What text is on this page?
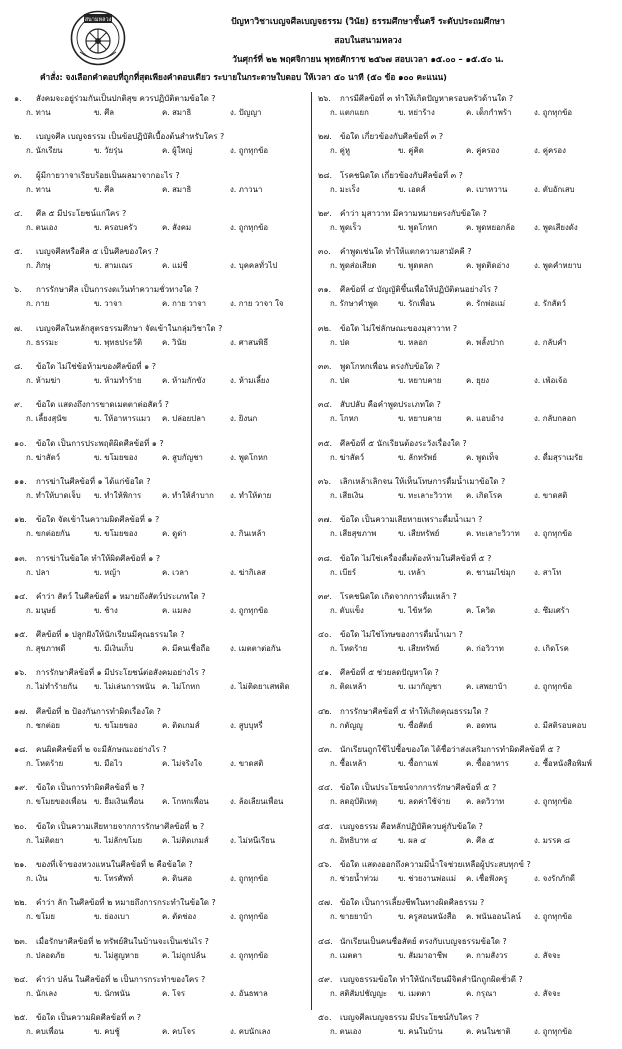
สนามหลวง	ปัญหาวิชาเบญจศีลเบญจธรรม (วินัย) ธรรมศึกษาชั้นตรี ระดับประถมศึกษา
สอบในสนามหลวง
วันศุกร์ที่ ๒๒ พฤศจิกายน พุทธศักราช ๒๕๖๗ สอบเวลา ๑๕.๐๐ – ๑๕.๕๐ น.
คำสั่ง: จงเลือกคำตอบที่ถูกที่สุดเพียงคำตอบเดียว ระบายในกระดาษใบตอบ ให้เวลา ๕๐ นาที (๕๐ ข้อ ๑๐๐ คะแนน)
๑. สังคมจะอยู่ร่วมกันเป็นปกติสุข ควรปฏิบัติตามข้อใด ?
ก. ทาน	ข. ศีล	ค. สมาธิ	ง. ปัญญา
๒. เบญจศีล เบญจธรรม เป็นข้อปฏิบัติเบื้องต้นสำหรับใคร ?
ก. นักเรียน	ข. วัยรุ่น	ค. ผู้ใหญ่	ง. ถูกทุกข้อ
๓. ผู้มีกายวาจาเรียบร้อยเป็นผลมาจากอะไร ?
ก. ทาน	ข. ศีล	ค. สมาธิ	ง. ภาวนา
๔. ศีล ๕ มีประโยชน์แก่ใคร ?
ก. ตนเอง	ข. ครอบครัว	ค. สังคม	ง. ถูกทุกข้อ
๕. เบญจศีลหรือศีล ๕ เป็นศีลของใคร ?
ก. ภิกษุ	ข. สามเณร	ค. แม่ชี	ง. บุคคลทั่วไป
๖. การรักษาศีล เป็นการงดเว้นทำความชั่วทางใด ?
ก. กาย	ข. วาจา	ค. กาย วาจา	ง. กาย วาจา ใจ
๗. เบญจศีลในหลักสูตรธรรมศึกษา จัดเข้าในกลุ่มวิชาใด ?
ก. ธรรมะ	ข. พุทธประวัติ	ค. วินัย	ง. ศาสนพิธี
๘. ข้อใด ไม่ใช่ข้อห้ามของศีลข้อที่ ๑ ?
ก. ห้ามฆ่า	ข. ห้ามทำร้าย	ค. ห้ามกักขัง	ง. ห้ามเลี้ยง
๙. ข้อใด แสดงถึงการขาดเมตตาต่อสัตว์ ?
ก. เลี้ยงสุนัข	ข. ให้อาหารแมว	ค. ปล่อยปลา	ง. ยิงนก
๑๐. ข้อใด เป็นการประพฤติผิดศีลข้อที่ ๑ ?
ก. ฆ่าสัตว์	ข. ขโมยของ	ค. สูบกัญชา	ง. พูดโกหก
๑๑. การฆ่าในศีลข้อที่ ๑ ได้แก่ข้อใด ?
ก. ทำให้บาดเจ็บ	ข. ทำให้พิการ	ค. ทำให้ลำบาก	ง. ทำให้ตาย
๑๒. ข้อใด จัดเข้าในความผิดศีลข้อที่ ๑ ?
ก. ขกต่อยกัน	ข. ขโมยของ	ค. ดูด่า	ง. กินเหล้า
๑๓. การฆ่าในข้อใด ทำให้ผิดศีลข้อที่ ๑ ?
ก. ปลา	ข. หญ้า	ค. เวลา	ง. ฆ่ากิเลส
๑๔. คำว่า สัตว์ ในศีลข้อที่ ๑ หมายถึงสัตว์ประเภทใด ?
ก. มนุษย์	ข. ช้าง	ค. แมลง	ง. ถูกทุกข้อ
๑๕. ศีลข้อที่ ๑ ปลูกฝังให้นักเรียนมีคุณธรรมใด ?
ก. สุขภาพดี	ข. มีเงินเก็บ	ค. มีคนเชื่อถือ	ง. เมตตาต่อกัน
๑๖. การรักษาศีลข้อที่ ๑ มีประโยชน์ต่อสังคมอย่างไร ?
ก. ไม่ทำร้ายกัน	ข. ไม่เล่นการพนัน ค. ไม่โกหก	ง. ไม่ติดยาเสพติด
๑๗. ศีลข้อที่ ๒ ป้องกันการทำผิดเรื่องใด ?
ก. ชกต่อย	ข. ขโมยของ	ค. ติดเกมส์	ง. สูบบุหรี่
๑๘. คนผิดศีลข้อที่ ๒ จะมีลักษณะอย่างไร ?
ก. โหดร้าย	ข. มือไว	ค. ไม่จริงใจ	ง. ขาดสติ
๑๙. ข้อใด เป็นการทำผิดศีลข้อที่ ๒ ?
ก. ขโมยของเพื่อน ข. ยืมเงินเพื่อน	ค. โกหกเพื่อน	ง. ล้อเลียนเพื่อน
๒๐. ข้อใด เป็นความเสียหายจากการรักษาศีลข้อที่ ๒ ?
ก. ไม่ติดยา	ข. ไม่ลักขโมย	ค. ไม่ติดเกมส์	ง. ไม่หนีเรียน
๒๑. ของที่เจ้าของหวงแหนในศีลข้อที่ ๒ คือข้อใด ?
ก. เงิน	ข. โทรศัพท์	ค. ดินสอ	ง. ถูกทุกข้อ
๒๒. คำว่า ลัก ในศีลข้อที่ ๒ หมายถึงการกระทำในข้อใด ?
ก. ขโมย	ข. ย่องเบา	ค. ตัดช่อง	ง. ถูกทุกข้อ
๒๓. เมื่อรักษาศีลข้อที่ ๒ ทรัพย์สินในบ้านจะเป็นเช่นไร ?
ก. ปลอดภัย	ข. ไม่สูญหาย	ค. ไม่ถูกปล้น	ง. ถูกทุกข้อ
๒๔. คำว่า ปล้น ในศีลข้อที่ ๒ เป็นการกระทำของใคร ?
ก. นักเลง	ข. นักพนัน	ค. โจร	ง. อันธพาล
๒๕. ข้อใด เป็นความผิดศีลข้อที่ ๓ ?
ก. คบเพื่อน	ข. คบชู้	ค. คบโจร	ง. คบนักเลง
๒๖. การมีศีลข้อที่ ๓ ทำให้เกิดปัญหาครอบครัวด้านใด ?
ก. แตกแยก	ข. หย่าร้าง	ค. เด็กกำพร้า	ง. ถูกทุกข้อ
๒๗. ข้อใด เกี่ยวข้องกับศีลข้อที่ ๓ ?
ก. คู่หู	ข. คู่คิด	ค. คู่ครอง	ง. คู่ครอง
๒๘. โรคชนิดใด เกี่ยวข้องกับศีลข้อที่ ๓ ?
ก. มะเร็ง	ข. เอดส์	ค. เบาหวาน	ง. ตับอักเสบ
๒๙. คำว่า มุสาวาท มีความหมายตรงกับข้อใด ?
ก. พูดเร็ว	ข. พูดโกหก	ค. พูดหยอกล้อ	ง. พูดเสียงดัง
๓๐. คำพูดเช่นใด ทำให้แตกความสามัคคี ?
ก. พูดส่อเสียด	ข. พูดตลก	ค. พูดติดอ่าง	ง. พูดคำหยาบ
๓๑. ศีลข้อที่ ๔ บัญญัติขึ้นเพื่อให้ปฏิบัติตนอย่างไร ?
ก. รักษาคำพูด	ข. รักเพื่อน	ค. รักพ่อแม่	ง. รักสัตว์
๓๒. ข้อใด ไม่ใช่ลักษณะของมุสาวาท ?
ก. ปด	ข. หลอก	ค. พลั้งปาก	ง. กลับคำ
๓๓. พูดโกหกเพื่อน ตรงกับข้อใด ?
ก. ปด	ข. หยาบคาย	ค. ยุยง	ง. เพ้อเจ้อ
๓๔. สับปลับ คือคำพูดประเภทใด ?
ก. โกหก	ข. หยาบคาย	ค. แอบอ้าง	ง. กลับกลอก
๓๕. ศีลข้อที่ ๕ นักเรียนต้องระวังเรื่องใด ?
ก. ฆ่าสัตว์	ข. ลักทรัพย์	ค. พูดเท็จ	ง. ดื่มสุราเมรัย
๓๖. เลิกเหล้าเลิกจน ให้เห็นโทษการดื่มน้ำเมาข้อใด ?
ก. เสียเงิน	ข. ทะเลาะวิวาท	ค. เกิดโรค	ง. ขาดสติ
๓๗. ข้อใด เป็นความเสียหายเพราะดื่มน้ำเมา ?
ก. เสียสุขภาพ	ข. เสียทรัพย์	ค. ทะเลาะวิวาท	ง. ถูกทุกข้อ
๓๘. ข้อใด ไม่ใช่เครื่องดื่มต้องห้ามในศีลข้อที่ ๕ ?
ก. เบียร์	ข. เหล้า	ค. ชานมไข่มุก	ง. สาโท
๓๙. โรคชนิดใด เกิดจากการดื่มเหล้า ?
ก. ตับแข็ง	ข. ไข้หวัด	ค. โควิด	ง. ซึมเศร้า
๔๐. ข้อใด ไม่ใช่โทษของการดื่มน้ำเมา ?
ก. โหดร้าย	ข. เสียทรัพย์	ค. ก่อวิวาท	ง. เกิดโรค
๔๑. ศีลข้อที่ ๕ ช่วยลดปัญหาใด ?
ก. ติดเหล้า	ข. เมากัญชา	ค. เสพยาบ้า	ง. ถูกทุกข้อ
๔๒. การรักษาศีลข้อที่ ๕ ทำให้เกิดคุณธรรมใด ?
ก. กตัญญู	ข. ซื่อสัตย์	ค. อดทน	ง. มีสติรอบคอบ
๔๓. นักเรียนถูกใช้ไปซื้อของใด ได้ชื่อว่าส่งเสริมการทำผิดศีลข้อที่ ๕ ?
ก. ซื้อเหล้า	ข. ซื้อกาแฟ	ค. ซื้ออาหาร	ง. ซื้อหนังสือพิมพ์
๔๔. ข้อใด เป็นประโยชน์จากการรักษาศีลข้อที่ ๕ ?
ก. ลดอุบัติเหตุ	ข. ลดค่าใช้จ่าย	ค. ลดวิวาท	ง. ถูกทุกข้อ
๔๕. เบญจธรรม คือหลักปฏิบัติควบคู่กับข้อใด ?
ก. อิทธิบาท ๔	ข. ผล ๔	ค. ศีล ๕	ง. มรรค ๘
๔๖. ข้อใด แสดงออกถึงความมีน้ำใจช่วยเหลือผู้ประสบทุกข์ ?
ก. ช่วยน้ำท่วม	ข. ช่วยงานพ่อแม่	ค. เชื่อฟังครู	ง. จงรักภักดี
๔๗. ข้อใด เป็นการเลี้ยงชีพในทางผิดศีลธรรม ?
ก. ขายยาบ้า	ข. ครูสอนหนังสือ	ค. พนันออนไลน์	ง. ถูกทุกข้อ
๔๘. นักเรียนเป็นคนซื่อสัตย์ ตรงกับเบญจธรรมข้อใด ?
ก. เมตตา	ข. สัมมาอาชีพ	ค. กามสังวร	ง. สัจจะ
๔๙. เบญจธรรมข้อใด ทำให้นักเรียนมีจิตสำนึกถูกผิดชั่วดี ?
ก. สติสัมปชัญญะ	ข. เมตตา	ค. กรุณา	ง. สัจจะ
๕๐. เบญจศีลเบญจธรรม มีประโยชน์กับใคร ?
ก. ตนเอง	ข. คนในบ้าน	ค. คนในชาติ	ง. ถูกทุกข้อ
